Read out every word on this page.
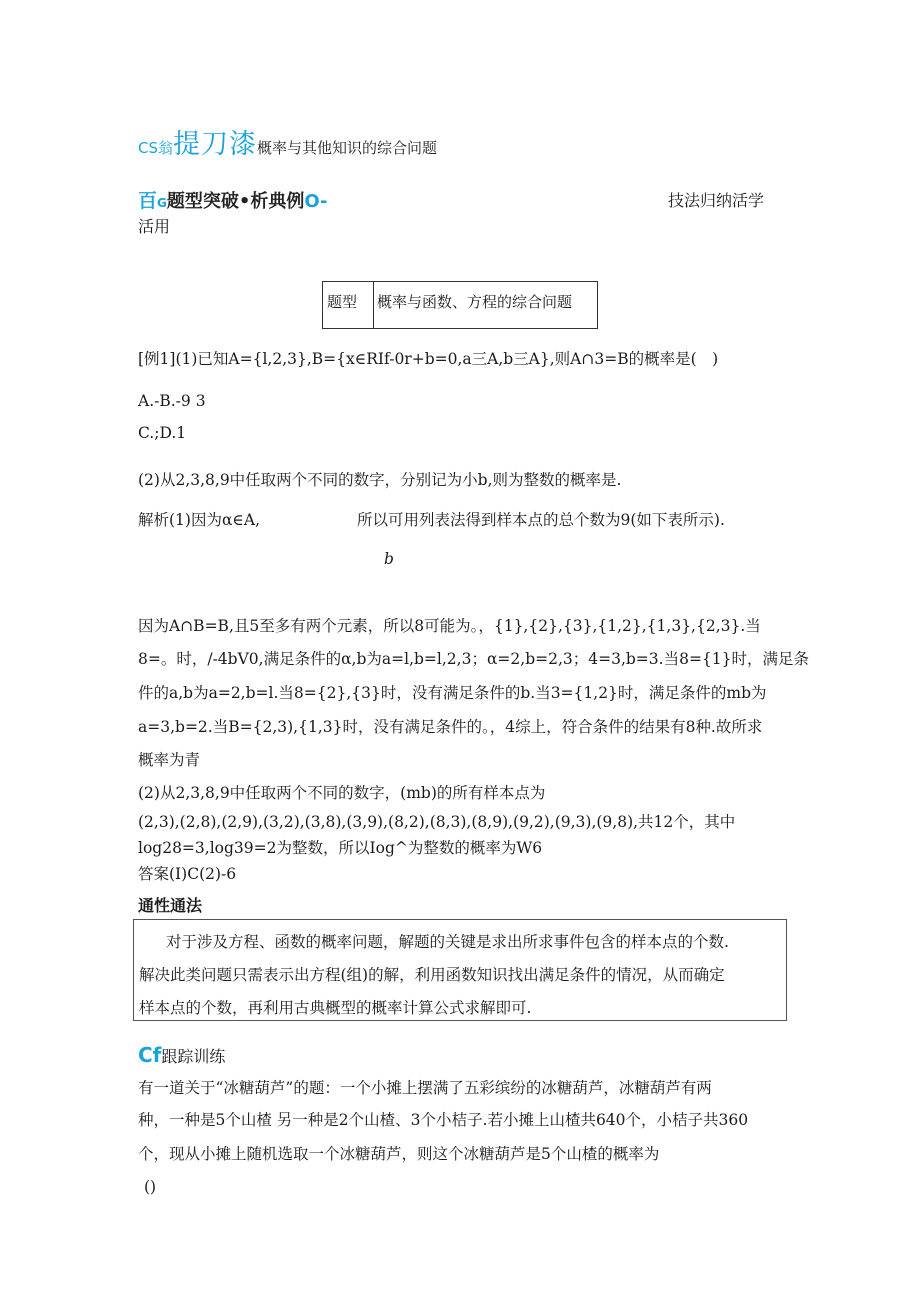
CS翁提刀漆概率与其他知识的综合问题
百G题型突破•析典例O-	技法归纳活学
活用
题型 概率与函数、方程的综合问题
[例1](1)已知A={l,2,3},B={x∈RIf-0r+b=0,a三A,b三A},则A∩3=B的概率是(　)
A.-B.-9 3
C.;D.1
(2)从2,3,8,9中任取两个不同的数字，分别记为小b,则为整数的概率是.
解析(1)因为α∈A,	所以可用列表法得到样本点的总个数为9(如下表所示).
b
因为A∩B=B,且5至多有两个元素，所以8可能为。，{1},{2},{3},{1,2},{1,3},{2,3}.当
8=。时，/-4bV0,满足条件的α,b为a=l,b=l,2,3；α=2,b=2,3；4=3,b=3.当8={1}时，满足条
件的a,b为a=2,b=l.当8={2},{3}时，没有满足条件的b.当3={1,2}时，满足条件的mb为
a=3,b=2.当B={2,3),{1,3}时，没有满足条件的。，4综上，符合条件的结果有8种.故所求
概率为青
(2)从2,3,8,9中任取两个不同的数字，(mb)的所有样本点为
(2,3),(2,8),(2,9),(3,2),(3,8),(3,9),(8,2),(8,3),(8,9),(9,2),(9,3),(9,8),共12个，其中
log28=3,log39=2为整数，所以Iog^为整数的概率为W6
答案(I)C(2)-6
通性通法
对于涉及方程、函数的概率问题，解题的关键是求出所求事件包含的样本点的个数.
解决此类问题只需表示出方程(组)的解，利用函数知识找出满足条件的情况，从而确定
样本点的个数，再利用古典概型的概率计算公式求解即可.
Cf跟踪训练
有一道关于“冰糖葫芦”的题：一个小摊上摆满了五彩缤纷的冰糖葫芦，冰糖葫芦有两
种，一种是5个山楂 另一种是2个山楂、3个小桔子.若小摊上山楂共640个，小桔子共360
个，现从小摊上随机选取一个冰糖葫芦，则这个冰糖葫芦是5个山楂的概率为
()
